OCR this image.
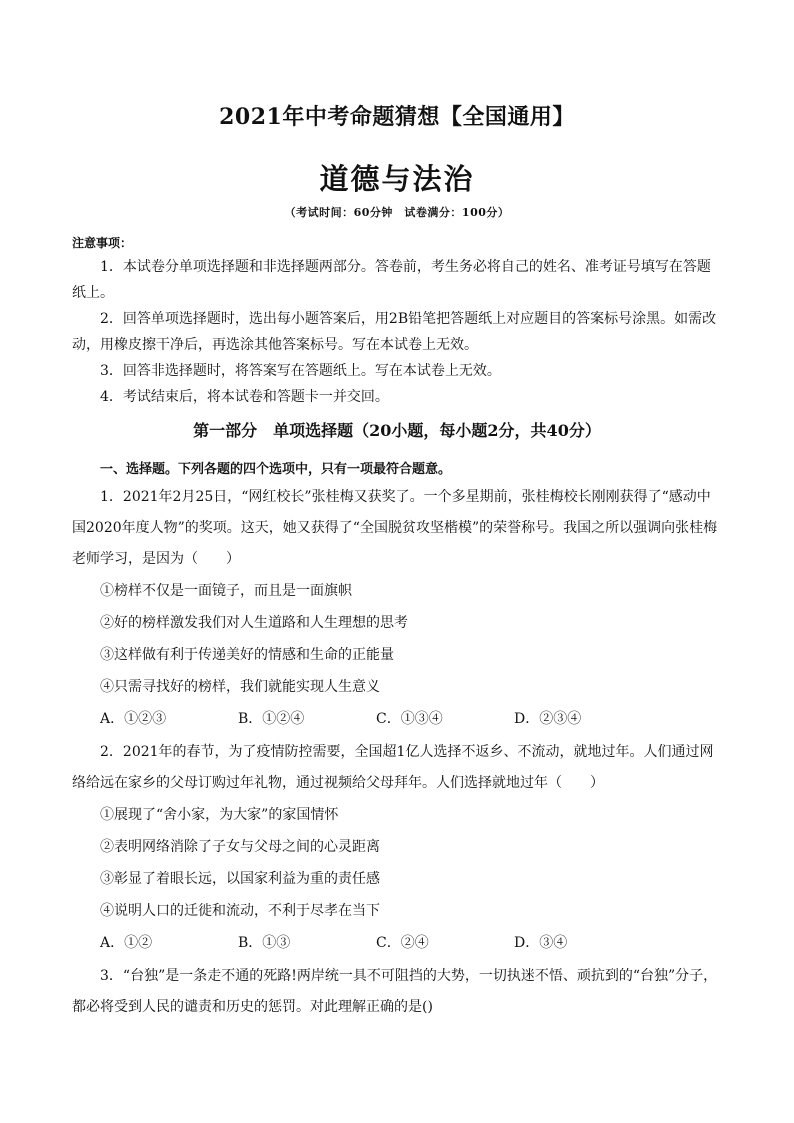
2021年中考命题猜想【全国通用】
道德与法治
（考试时间：60分钟　试卷满分：100分）
注意事项：

1．本试卷分单项选择题和非选择题两部分。答卷前，考生务必将自己的姓名、准考证号填写在答题纸上。

2．回答单项选择题时，选出每小题答案后，用2B铅笔把答题纸上对应题目的答案标号涂黑。如需改动，用橡皮擦干净后，再选涂其他答案标号。写在本试卷上无效。

3．回答非选择题时，将答案写在答题纸上。写在本试卷上无效。

4．考试结束后，将本试卷和答题卡一并交回。

第一部分　单项选择题（20小题，每小题2分，共40分）
一、选择题。下列各题的四个选项中，只有一项最符合题意。

1．2021年2月25日，“网红校长”张桂梅又获奖了。一个多星期前，张桂梅校长刚刚获得了“感动中国2020年度人物”的奖项。这天，她又获得了“全国脱贫攻坚楷模”的荣誉称号。我国之所以强调向张桂梅老师学习，是因为（　　）

①榜样不仅是一面镜子，而且是一面旗帜

②好的榜样激发我们对人生道路和人生理想的思考

③这样做有利于传递美好的情感和生命的正能量

④只需寻找好的榜样，我们就能实现人生意义

A．①②③	B．①②④	C．①③④	D．②③④

2．2021年的春节，为了疫情防控需要，全国超1亿人选择不返乡、不流动，就地过年。人们通过网络给远在家乡的父母订购过年礼物，通过视频给父母拜年。人们选择就地过年（　　）

①展现了“舍小家，为大家”的家国情怀

②表明网络消除了子女与父母之间的心灵距离

③彰显了着眼长远，以国家利益为重的责任感

④说明人口的迁徙和流动，不利于尽孝在当下

A．①②	B．①③	C．②④	D．③④

3．“台独”是一条走不通的死路!两岸统一具不可阻挡的大势，一切执迷不悟、顽抗到的“台独”分子，都必将受到人民的谴责和历史的惩罚。对此理解正确的是()
